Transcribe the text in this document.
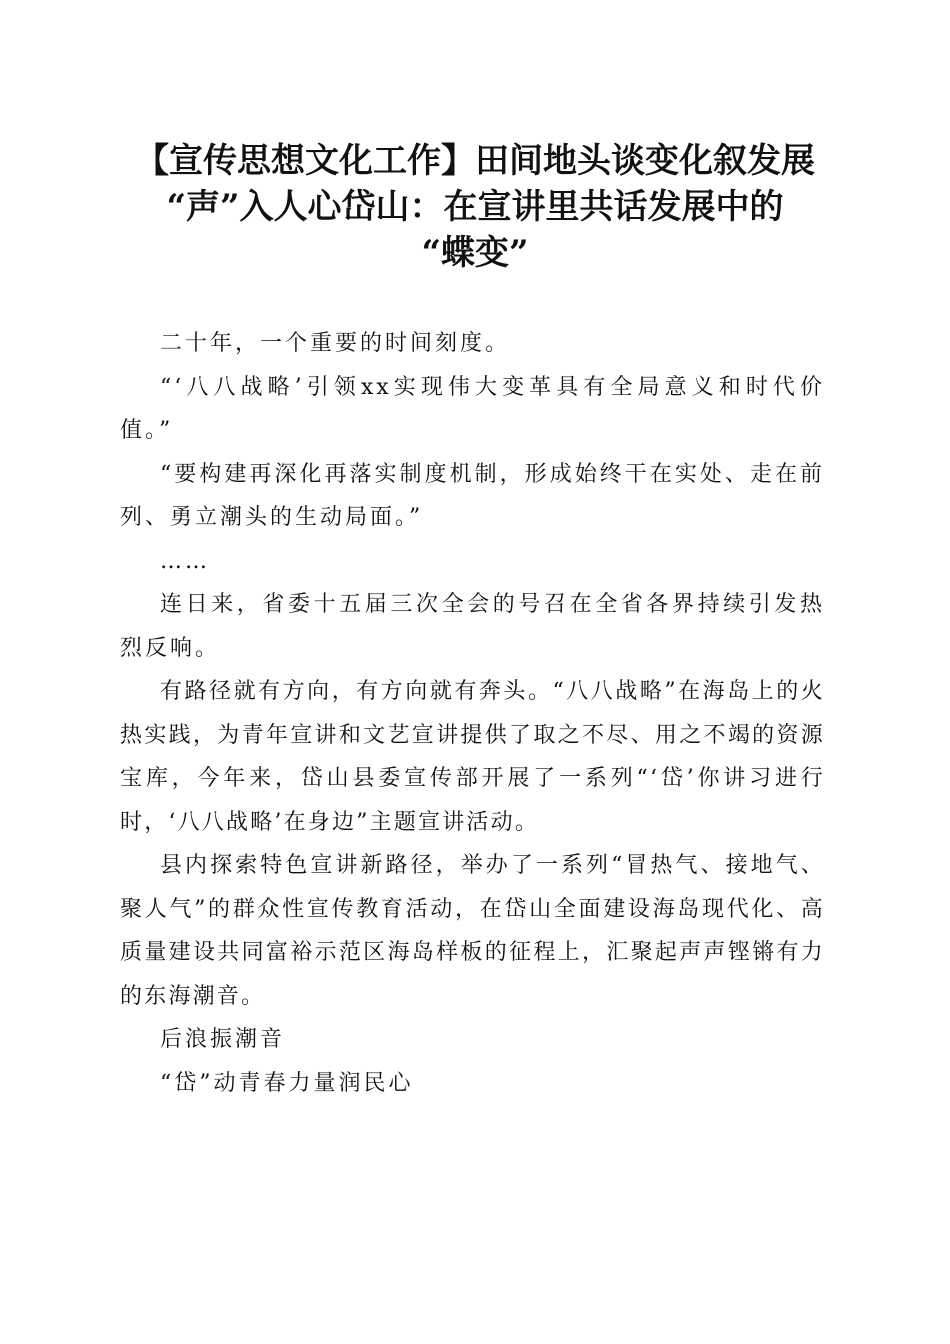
【宣传思想文化工作】田间地头谈变化叙发展
“声”入人心岱山：在宣讲里共话发展中的
“蝶变”

二十年，一个重要的时间刻度。

“‘八八战略’引领xx实现伟大变革具有全局意义和时代价值。”

“要构建再深化再落实制度机制，形成始终干在实处、走在前列、勇立潮头的生动局面。”

……

连日来，省委十五届三次全会的号召在全省各界持续引发热烈反响。

有路径就有方向，有方向就有奔头。“八八战略”在海岛上的火热实践，为青年宣讲和文艺宣讲提供了取之不尽、用之不竭的资源宝库，今年来，岱山县委宣传部开展了一系列“‘岱’你讲习进行时，‘八八战略’在身边”主题宣讲活动。

县内探索特色宣讲新路径，举办了一系列“冒热气、接地气、聚人气”的群众性宣传教育活动，在岱山全面建设海岛现代化、高质量建设共同富裕示范区海岛样板的征程上，汇聚起声声铿锵有力的东海潮音。

后浪振潮音

“岱”动青春力量润民心
